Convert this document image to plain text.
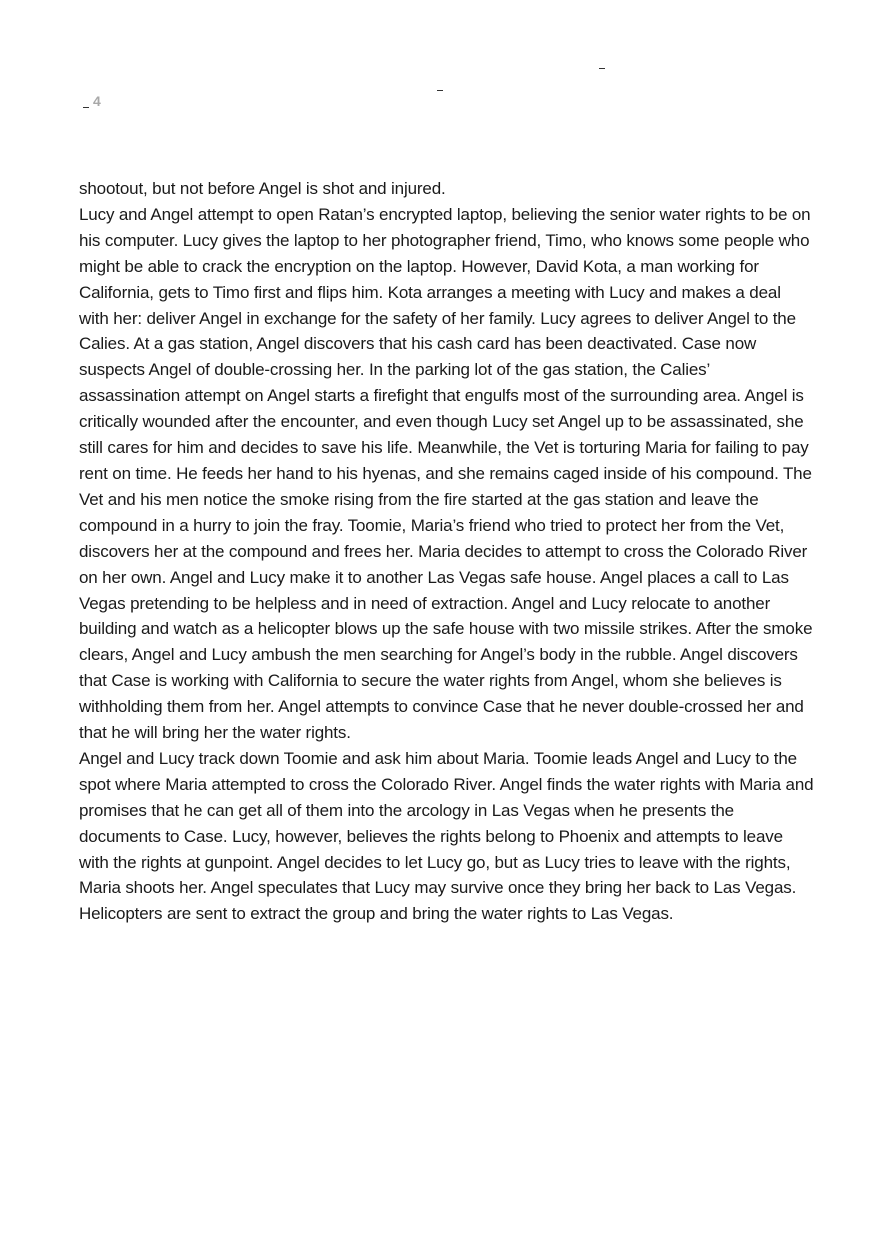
4

shootout, but not before Angel is shot and injured.

Lucy and Angel attempt to open Ratan’s encrypted laptop, believing the senior water rights to be on his computer. Lucy gives the laptop to her photographer friend, Timo, who knows some people who might be able to crack the encryption on the laptop. However, David Kota, a man working for California, gets to Timo first and flips him. Kota arranges a meeting with Lucy and makes a deal with her: deliver Angel in exchange for the safety of her family. Lucy agrees to deliver Angel to the Calies. At a gas station, Angel discovers that his cash card has been deactivated. Case now suspects Angel of double-crossing her. In the parking lot of the gas station, the Calies’ assassination attempt on Angel starts a firefight that engulfs most of the surrounding area. Angel is critically wounded after the encounter, and even though Lucy set Angel up to be assassinated, she still cares for him and decides to save his life. Meanwhile, the Vet is torturing Maria for failing to pay rent on time. He feeds her hand to his hyenas, and she remains caged inside of his compound. The Vet and his men notice the smoke rising from the fire started at the gas station and leave the compound in a hurry to join the fray. Toomie, Maria’s friend who tried to protect her from the Vet, discovers her at the compound and frees her. Maria decides to attempt to cross the Colorado River on her own. Angel and Lucy make it to another Las Vegas safe house. Angel places a call to Las Vegas pretending to be helpless and in need of extraction. Angel and Lucy relocate to another building and watch as a helicopter blows up the safe house with two missile strikes. After the smoke clears, Angel and Lucy ambush the men searching for Angel’s body in the rubble. Angel discovers that Case is working with California to secure the water rights from Angel, whom she believes is withholding them from her. Angel attempts to convince Case that he never double-crossed her and that he will bring her the water rights.

Angel and Lucy track down Toomie and ask him about Maria. Toomie leads Angel and Lucy to the spot where Maria attempted to cross the Colorado River. Angel finds the water rights with Maria and promises that he can get all of them into the arcology in Las Vegas when he presents the documents to Case. Lucy, however, believes the rights belong to Phoenix and attempts to leave with the rights at gunpoint. Angel decides to let Lucy go, but as Lucy tries to leave with the rights, Maria shoots her. Angel speculates that Lucy may survive once they bring her back to Las Vegas. Helicopters are sent to extract the group and bring the water rights to Las Vegas.
